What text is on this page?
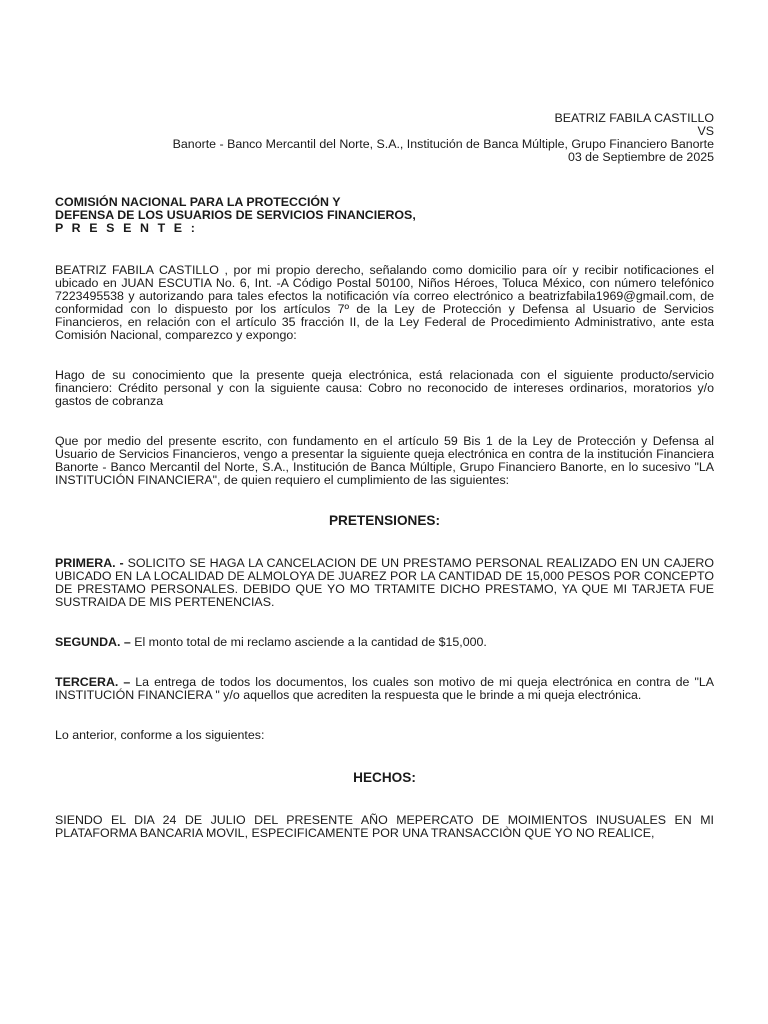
BEATRIZ FABILA CASTILLO
VS
Banorte - Banco Mercantil del Norte, S.A., Institución de Banca Múltiple, Grupo Financiero Banorte
03 de Septiembre de 2025
COMISIÓN NACIONAL PARA LA PROTECCIÓN Y
DEFENSA DE LOS USUARIOS DE SERVICIOS FINANCIEROS,
P R E S E N T E :

BEATRIZ FABILA CASTILLO , por mi propio derecho, señalando como domicilio para oír y recibir notificaciones el ubicado en JUAN ESCUTIA No. 6, Int. -A Código Postal 50100, Niños Héroes, Toluca México, con número telefónico 7223495538 y autorizando para tales efectos la notificación vía correo electrónico a beatrizfabila1969@gmail.com, de conformidad con lo dispuesto por los artículos 7º de la Ley de Protección y Defensa al Usuario de Servicios Financieros, en relación con el artículo 35 fracción II, de la Ley Federal de Procedimiento Administrativo, ante esta Comisión Nacional, comparezco y expongo:

Hago de su conocimiento que la presente queja electrónica, está relacionada con el siguiente producto/servicio financiero: Crédito personal y con la siguiente causa: Cobro no reconocido de intereses ordinarios, moratorios y/o gastos de cobranza

Que por medio del presente escrito, con fundamento en el artículo 59 Bis 1 de la Ley de Protección y Defensa al Usuario de Servicios Financieros, vengo a presentar la siguiente queja electrónica en contra de la institución Financiera Banorte - Banco Mercantil del Norte, S.A., Institución de Banca Múltiple, Grupo Financiero Banorte, en lo sucesivo "LA INSTITUCIÓN FINANCIERA", de quien requiero el cumplimiento de las siguientes:

PRETENSIONES:

PRIMERA. - SOLICITO SE HAGA LA CANCELACION DE UN PRESTAMO PERSONAL REALIZADO EN UN CAJERO UBICADO EN LA LOCALIDAD DE ALMOLOYA DE JUAREZ POR LA CANTIDAD DE 15,000 PESOS POR CONCEPTO DE PRESTAMO PERSONALES. DEBIDO QUE YO MO TRTAMITE DICHO PRESTAMO, YA QUE MI TARJETA FUE SUSTRAIDA DE MIS PERTENENCIAS.

SEGUNDA. – El monto total de mi reclamo asciende a la cantidad de $15,000.

TERCERA. – La entrega de todos los documentos, los cuales son motivo de mi queja electrónica en contra de "LA INSTITUCIÓN FINANCIERA " y/o aquellos que acrediten la respuesta que le brinde a mi queja electrónica.

Lo anterior, conforme a los siguientes:

HECHOS:

SIENDO EL DIA 24 DE JULIO DEL PRESENTE AÑO MEPERCATO DE MOIMIENTOS INUSUALES EN MI PLATAFORMA BANCARIA MOVIL, ESPECIFICAMENTE POR UNA TRANSACCIÒN QUE YO NO REALICE,
